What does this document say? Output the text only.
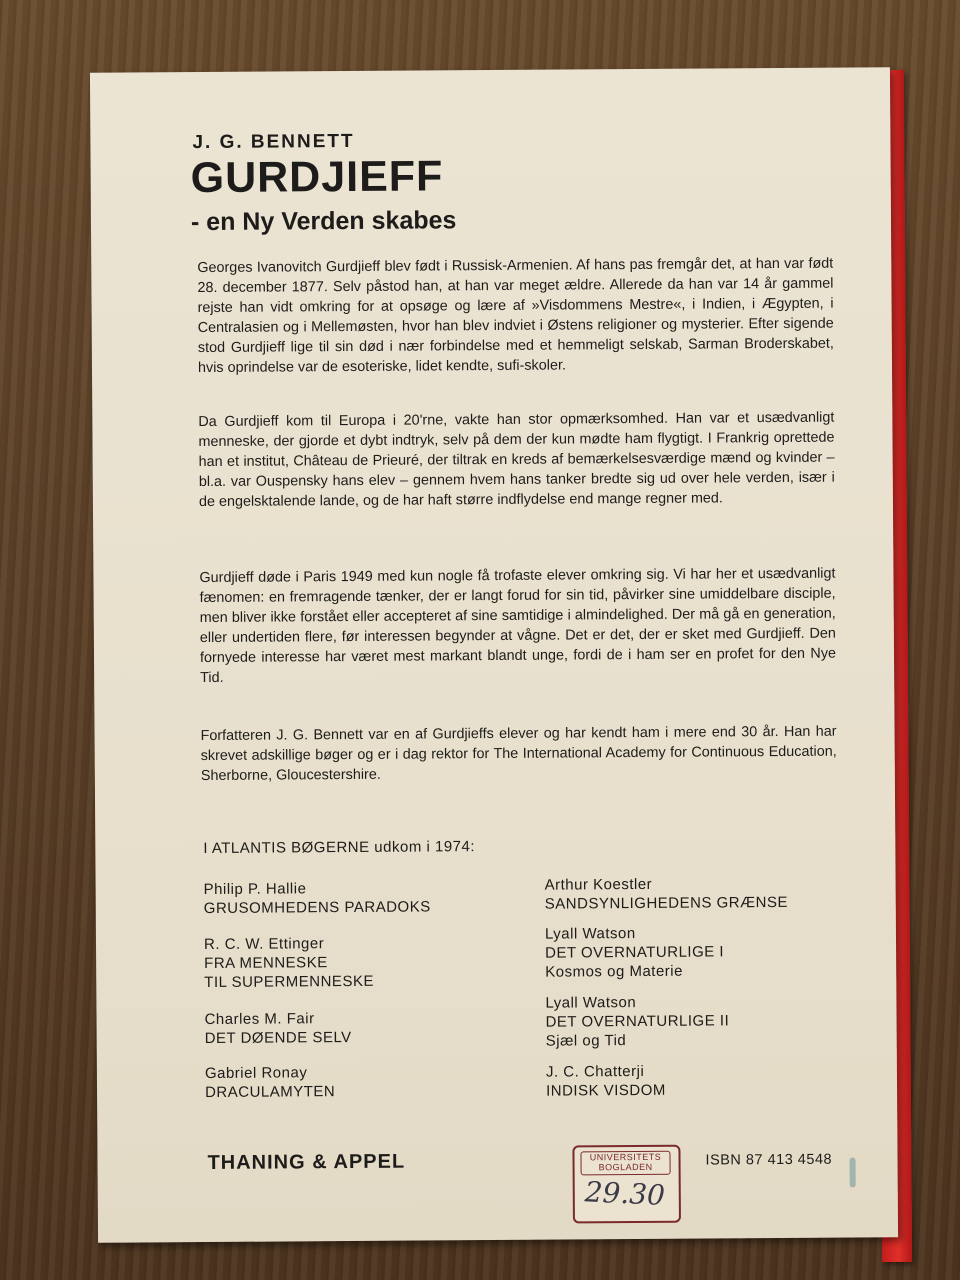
J. G. BENNETT
GURDJIEFF
- en Ny Verden skabes

Georges Ivanovitch Gurdjieff blev født i Russisk-Armenien. Af hans pas fremgår det, at han var født 28. december 1877. Selv påstod han, at han var meget ældre. Allerede da han var 14 år gammel rejste han vidt omkring for at opsøge og lære af »Visdommens Mestre«, i Indien, i Ægypten, i Centralasien og i Mellemøsten, hvor han blev indviet i Østens religioner og mysterier. Efter sigende stod Gurdjieff lige til sin død i nær forbindelse med et hemmeligt selskab, Sarman Broderskabet, hvis oprindelse var de esoteriske, lidet kendte, sufi-skoler.

Da Gurdjieff kom til Europa i 20'rne, vakte han stor opmærksomhed. Han var et usædvanligt menneske, der gjorde et dybt indtryk, selv på dem der kun mødte ham flygtigt. I Frankrig oprettede han et institut, Château de Prieuré, der tiltrak en kreds af bemærkelsesværdige mænd og kvinder – bl.a. var Ouspensky hans elev – gennem hvem hans tanker bredte sig ud over hele verden, især i de engelsktalende lande, og de har haft større indflydelse end mange regner med.

Gurdjieff døde i Paris 1949 med kun nogle få trofaste elever omkring sig. Vi har her et usædvanligt fænomen: en fremragende tænker, der er langt forud for sin tid, påvirker sine umiddelbare disciple, men bliver ikke forstået eller accepteret af sine samtidige i almindelighed. Der må gå en generation, eller undertiden flere, før interessen begynder at vågne. Det er det, der er sket med Gurdjieff. Den fornyede interesse har været mest markant blandt unge, fordi de i ham ser en profet for den Nye Tid.

Forfatteren J. G. Bennett var en af Gurdjieffs elever og har kendt ham i mere end 30 år. Han har skrevet adskillige bøger og er i dag rektor for The International Academy for Continuous Education, Sherborne, Gloucestershire.

I ATLANTIS BØGERNE udkom i 1974:
Philip P. Hallie
GRUSOMHEDENS PARADOKS
R. C. W. Ettinger
FRA MENNESKE
TIL SUPERMENNESKE
Charles M. Fair
DET DØENDE SELV
Gabriel Ronay
DRACULAMYTEN
Arthur Koestler
SANDSYNLIGHEDENS GRÆNSE
Lyall Watson
DET OVERNATURLIGE I
Kosmos og Materie
Lyall Watson
DET OVERNATURLIGE II
Sjæl og Tid
J. C. Chatterji
INDISK VISDOM
THANING & APPEL	UNIVERSITETS
BOGLADEN
29.30
ISBN 87 413 4548
